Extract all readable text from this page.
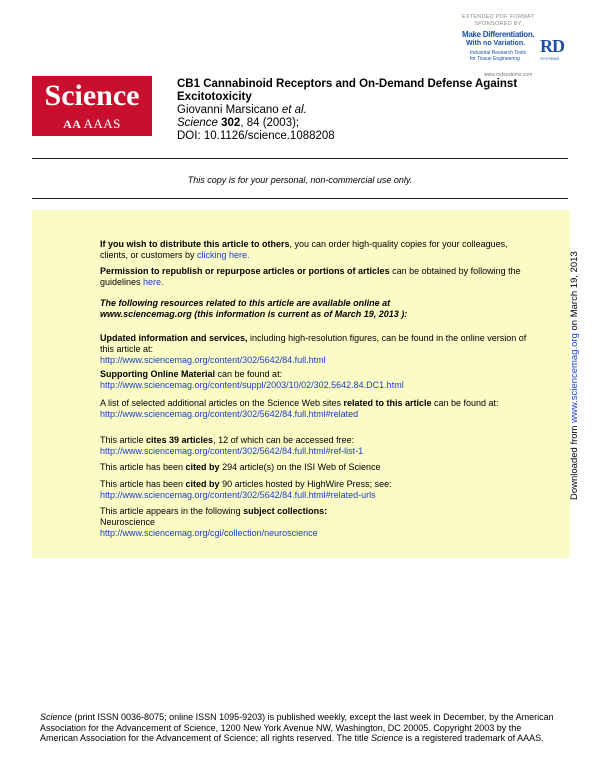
EXTENDED PDF FORMAT
SPONSORED BY
Make Differentiation.
With no Variation.
Industrial Research Tools for Tissue Engineering
RD
SYSTEMS
www.rndsystems.com
Science
AA AAAS
CB1 Cannabinoid Receptors and On-Demand Defense Against Excitotoxicity
Giovanni Marsicano et al.
Science 302, 84 (2003);
DOI: 10.1126/science.1088208
This copy is for your personal, non-commercial use only.
If you wish to distribute this article to others, you can order high-quality copies for your colleagues, clients, or customers by clicking here.
Permission to republish or repurpose articles or portions of articles can be obtained by following the guidelines here.
The following resources related to this article are available online at
www.sciencemag.org (this information is current as of March 19, 2013 ):
Updated information and services, including high-resolution figures, can be found in the online version of this article at:
http://www.sciencemag.org/content/302/5642/84.full.html
Supporting Online Material can be found at:
http://www.sciencemag.org/content/suppl/2003/10/02/302.5642.84.DC1.html
A list of selected additional articles on the Science Web sites related to this article can be found at:
http://www.sciencemag.org/content/302/5642/84.full.html#related
This article cites 39 articles, 12 of which can be accessed free:
http://www.sciencemag.org/content/302/5642/84.full.html#ref-list-1
This article has been cited by 294 article(s) on the ISI Web of Science
This article has been cited by 90 articles hosted by HighWire Press; see:
http://www.sciencemag.org/content/302/5642/84.full.html#related-urls
This article appears in the following subject collections:
Neuroscience
http://www.sciencemag.org/cgi/collection/neuroscience
Downloaded from www.sciencemag.org on March 19, 2013
Science (print ISSN 0036-8075; online ISSN 1095-9203) is published weekly, except the last week in December, by the American Association for the Advancement of Science, 1200 New York Avenue NW, Washington, DC 20005. Copyright 2003 by the American Association for the Advancement of Science; all rights reserved. The title Science is a registered trademark of AAAS.
